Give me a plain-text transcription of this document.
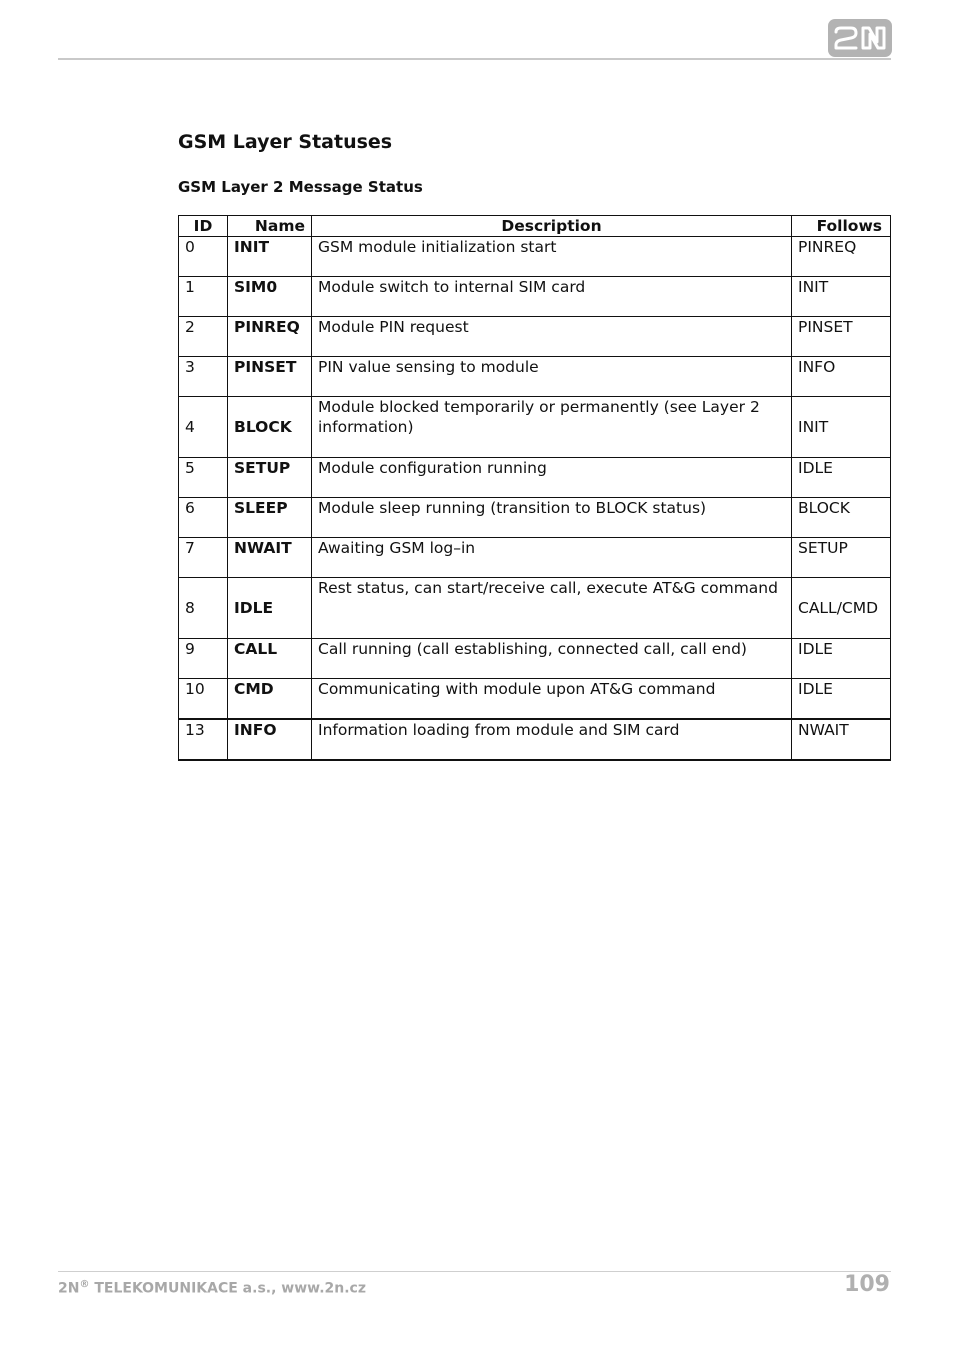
GSM Layer Statuses
GSM Layer 2 Message Status
ID	Name	Description	Follows
0	INIT	GSM module initialization start	PINREQ
1	SIM0	Module switch to internal SIM card	INIT
2	PINREQ	Module PIN request	PINSET
3	PINSET	PIN value sensing to module	INFO
4	BLOCK	Module blocked temporarily or permanently (see Layer 2 information)	INIT
5	SETUP	Module configuration running	IDLE
6	SLEEP	Module sleep running (transition to BLOCK status)	BLOCK
7	NWAIT	Awaiting GSM log–in	SETUP
8	IDLE	Rest status, can start/receive call, execute AT&G command	CALL/CMD
9	CALL	Call running (call establishing, connected call, call end)	IDLE
10	CMD	Communicating with module upon AT&G command	IDLE
13	INFO	Information loading from module and SIM card	NWAIT
2N® TELEKOMUNIKACE a.s., www.2n.cz	109
